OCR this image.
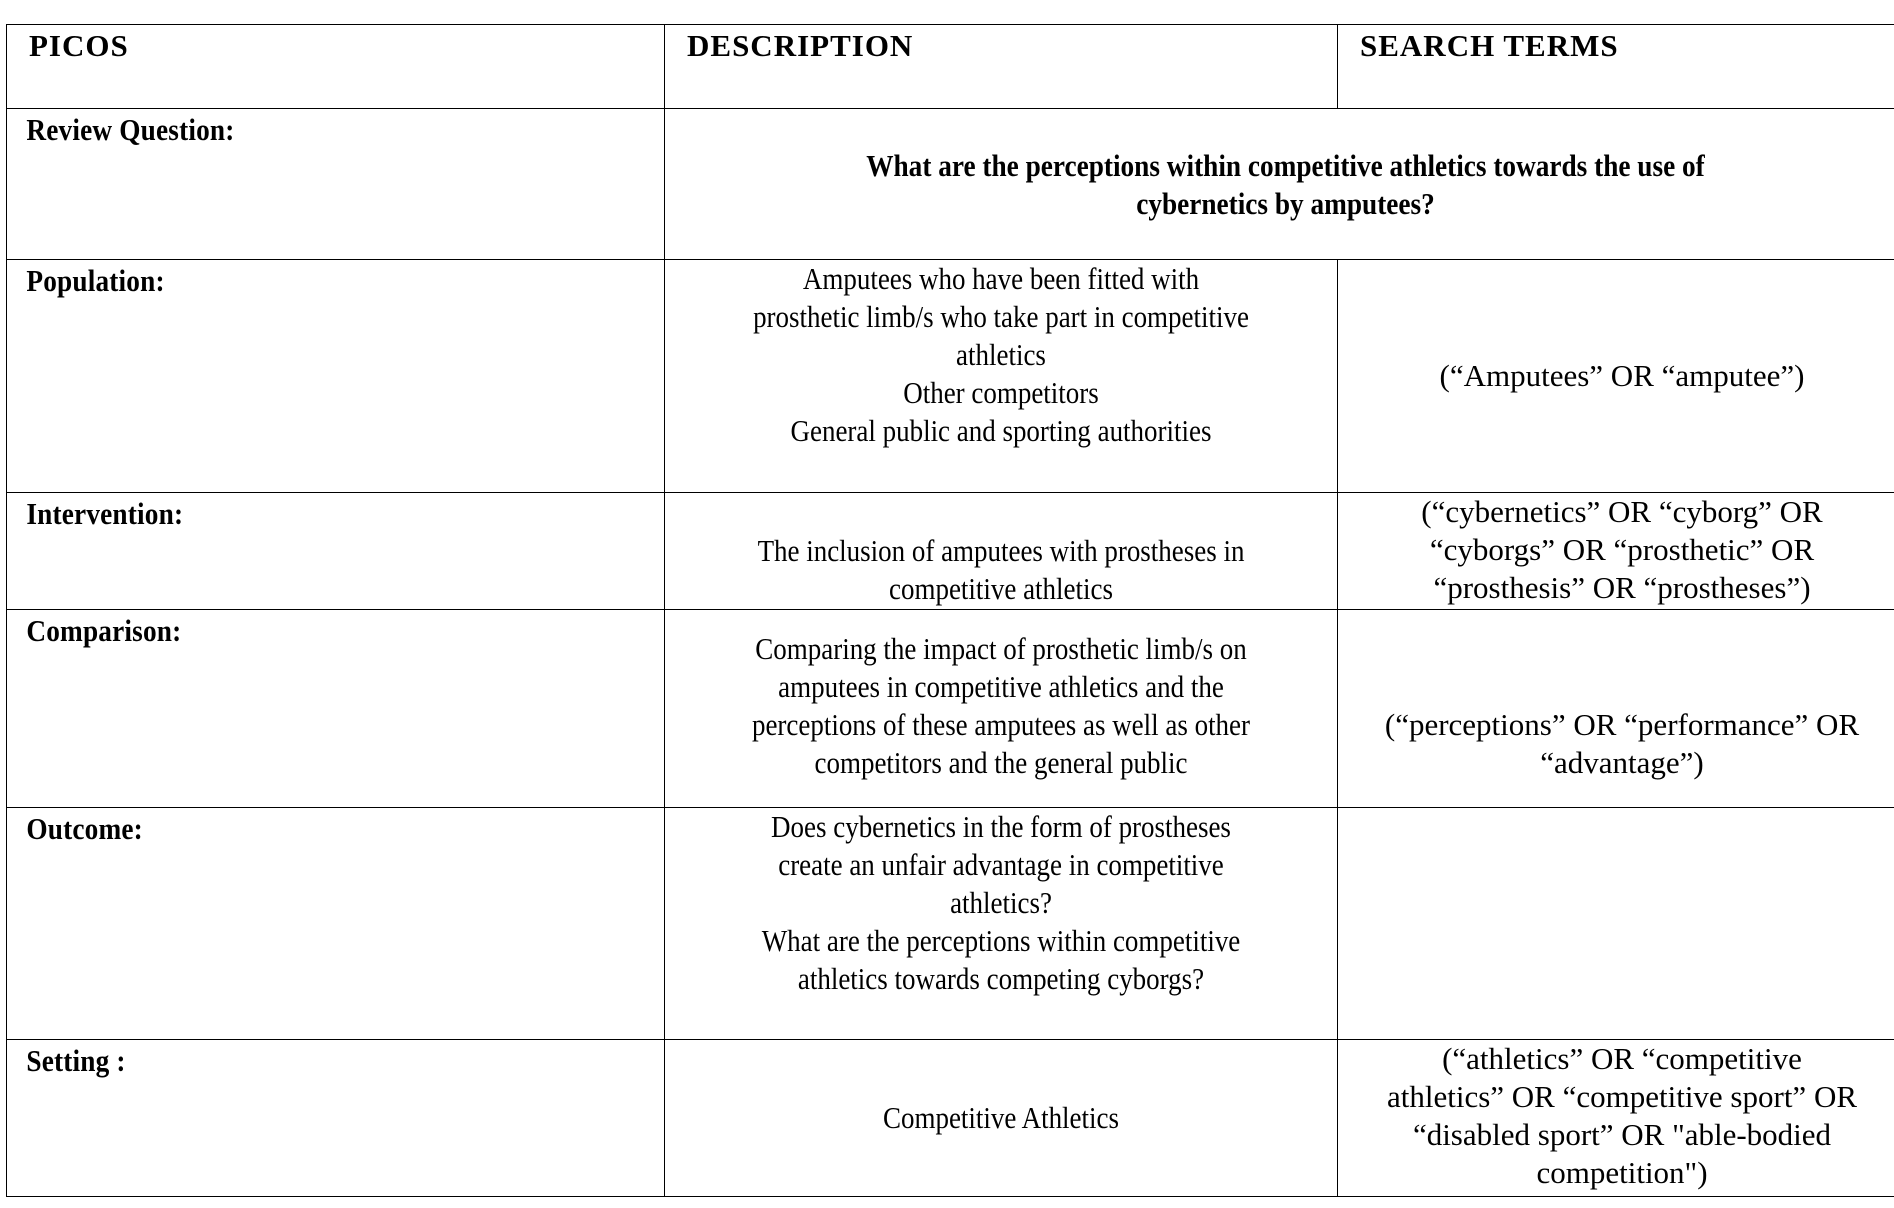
PICOS	DESCRIPTION	SEARCH TERMS

Review Question:	What are the perceptions within competitive athletics towards the use of
cybernetics by amputees?	

Population:	Amputees who have been fitted with
prosthetic limb/s who take part in competitive
athletics
Other competitors
General public and sporting authorities	(“Amputees” OR “amputee”)

Intervention:	The inclusion of amputees with prostheses in
competitive athletics	(“cybernetics” OR “cyborg” OR
“cyborgs” OR “prosthetic” OR
“prosthesis” OR “prostheses”)

Comparison:	Comparing the impact of prosthetic limb/s on
amputees in competitive athletics and the
perceptions of these amputees as well as other
competitors and the general public	(“perceptions” OR “performance” OR
“advantage”)

Outcome:	Does cybernetics in the form of prostheses
create an unfair advantage in competitive
athletics?
What are the perceptions within competitive
athletics towards competing cyborgs?	

Setting :	Competitive Athletics	(“athletics” OR “competitive
athletics” OR “competitive sport” OR
“disabled sport” OR "able-bodied
competition")
